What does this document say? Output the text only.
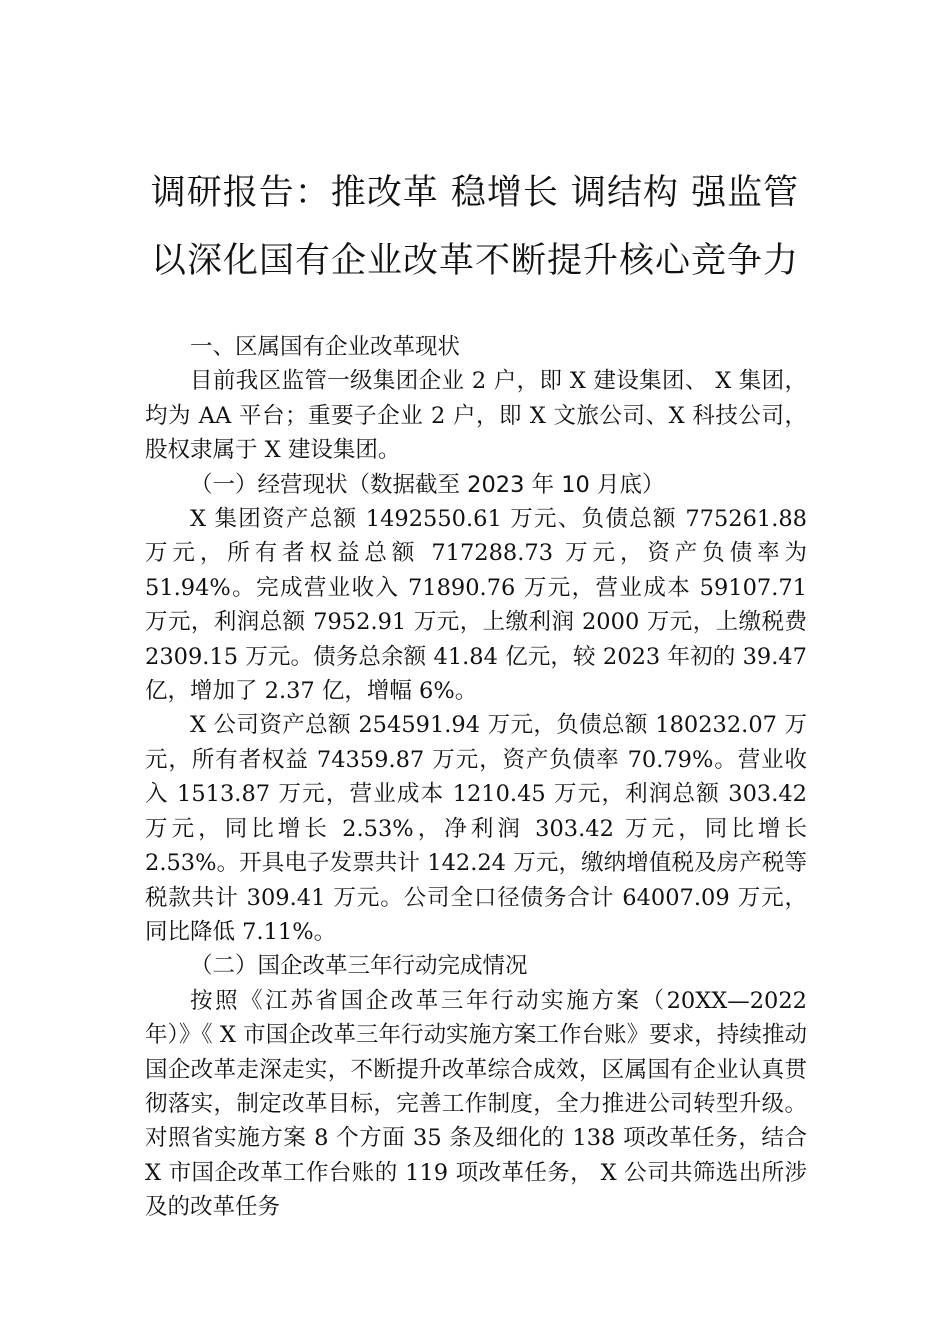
调研报告：推改革 稳增长 调结构 强监管
以深化国有企业改革不断提升核心竞争力

一、区属国有企业改革现状

目前我区监管一级集团企业 2 户，即 X 建设集团、 X 集团，均为 AA 平台；重要子企业 2 户，即 X 文旅公司、X 科技公司，股权隶属于 X 建设集团。

（一）经营现状（数据截至 2023 年 10 月底）

X 集团资产总额 1492550.61 万元、负债总额 775261.88 万元，所有者权益总额 717288.73 万元，资产负债率为 51.94%。完成营业收入 71890.76 万元，营业成本 59107.71 万元，利润总额 7952.91 万元，上缴利润 2000 万元，上缴税费 2309.15 万元。债务总余额 41.84 亿元，较 2023 年初的 39.47 亿，增加了 2.37 亿，增幅 6%。

X 公司资产总额 254591.94 万元，负债总额 180232.07 万元，所有者权益 74359.87 万元，资产负债率 70.79%。营业收入 1513.87 万元，营业成本 1210.45 万元，利润总额 303.42 万元，同比增长 2.53%，净利润 303.42 万元，同比增长 2.53%。开具电子发票共计 142.24 万元，缴纳增值税及房产税等税款共计 309.41 万元。公司全口径债务合计 64007.09 万元，同比降低 7.11%。

（二）国企改革三年行动完成情况

按照《江苏省国企改革三年行动实施方案（20XX—2022 年）》《 X 市国企改革三年行动实施方案工作台账》要求，持续推动国企改革走深走实，不断提升改革综合成效，区属国有企业认真贯彻落实，制定改革目标，完善工作制度，全力推进公司转型升级。对照省实施方案 8 个方面 35 条及细化的 138 项改革任务，结合 X 市国企改革工作台账的 119 项改革任务， X 公司共筛选出所涉及的改革任务
